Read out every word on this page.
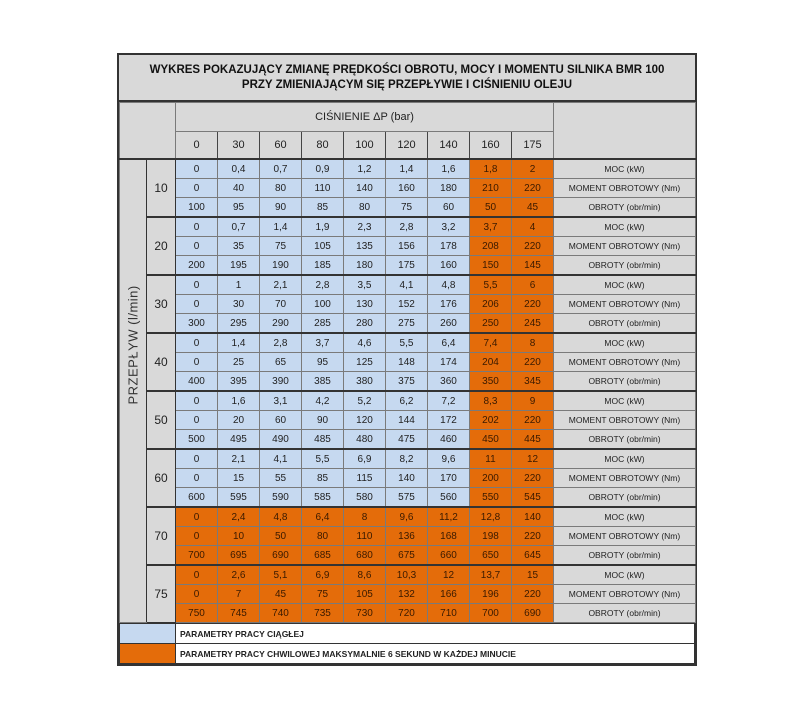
WYKRES POKAZUJĄCY ZMIANĘ PRĘDKOŚCI OBROTU, MOCY I MOMENTU SILNIKA BMR 100
PRZY ZMIENIAJĄCYM SIĘ PRZEPŁYWIE I CIŚNIENIU OLEJU
		CIŚNIENIE ΔP (bar)									
		0	30	60	80	100	120	140	160	175	

PRZEPŁYW (l/min)	10	0	0,4	0,7	0,9	1,2	1,4	1,6	1,8	2	MOC (kW)
		0	40	80	110	140	160	180	210	220	MOMENT OBROTOWY (Nm)
		100	95	90	85	80	75	60	50	45	OBROTY (obr/min)
	20	0	0,7	1,4	1,9	2,3	2,8	3,2	3,7	4	MOC (kW)
		0	35	75	105	135	156	178	208	220	MOMENT OBROTOWY (Nm)
		200	195	190	185	180	175	160	150	145	OBROTY (obr/min)
	30	0	1	2,1	2,8	3,5	4,1	4,8	5,5	6	MOC (kW)
		0	30	70	100	130	152	176	206	220	MOMENT OBROTOWY (Nm)
		300	295	290	285	280	275	260	250	245	OBROTY (obr/min)
	40	0	1,4	2,8	3,7	4,6	5,5	6,4	7,4	8	MOC (kW)
		0	25	65	95	125	148	174	204	220	MOMENT OBROTOWY (Nm)
		400	395	390	385	380	375	360	350	345	OBROTY (obr/min)
	50	0	1,6	3,1	4,2	5,2	6,2	7,2	8,3	9	MOC (kW)
		0	20	60	90	120	144	172	202	220	MOMENT OBROTOWY (Nm)
		500	495	490	485	480	475	460	450	445	OBROTY (obr/min)
	60	0	2,1	4,1	5,5	6,9	8,2	9,6	11	12	MOC (kW)
		0	15	55	85	115	140	170	200	220	MOMENT OBROTOWY (Nm)
		600	595	590	585	580	575	560	550	545	OBROTY (obr/min)
	70	0	2,4	4,8	6,4	8	9,6	11,2	12,8	140	MOC (kW)
		0	10	50	80	110	136	168	198	220	MOMENT OBROTOWY (Nm)
		700	695	690	685	680	675	660	650	645	OBROTY (obr/min)
	75	0	2,6	5,1	6,9	8,6	10,3	12	13,7	15	MOC (kW)
		0	7	45	75	105	132	166	196	220	MOMENT OBROTOWY (Nm)
		750	745	740	735	730	720	710	700	690	OBROTY (obr/min)
	PARAMETRY PRACY CIĄGŁEJ
	PARAMETRY PRACY CHWILOWEJ MAKSYMALNIE 6 SEKUND W KAŻDEJ MINUCIE
